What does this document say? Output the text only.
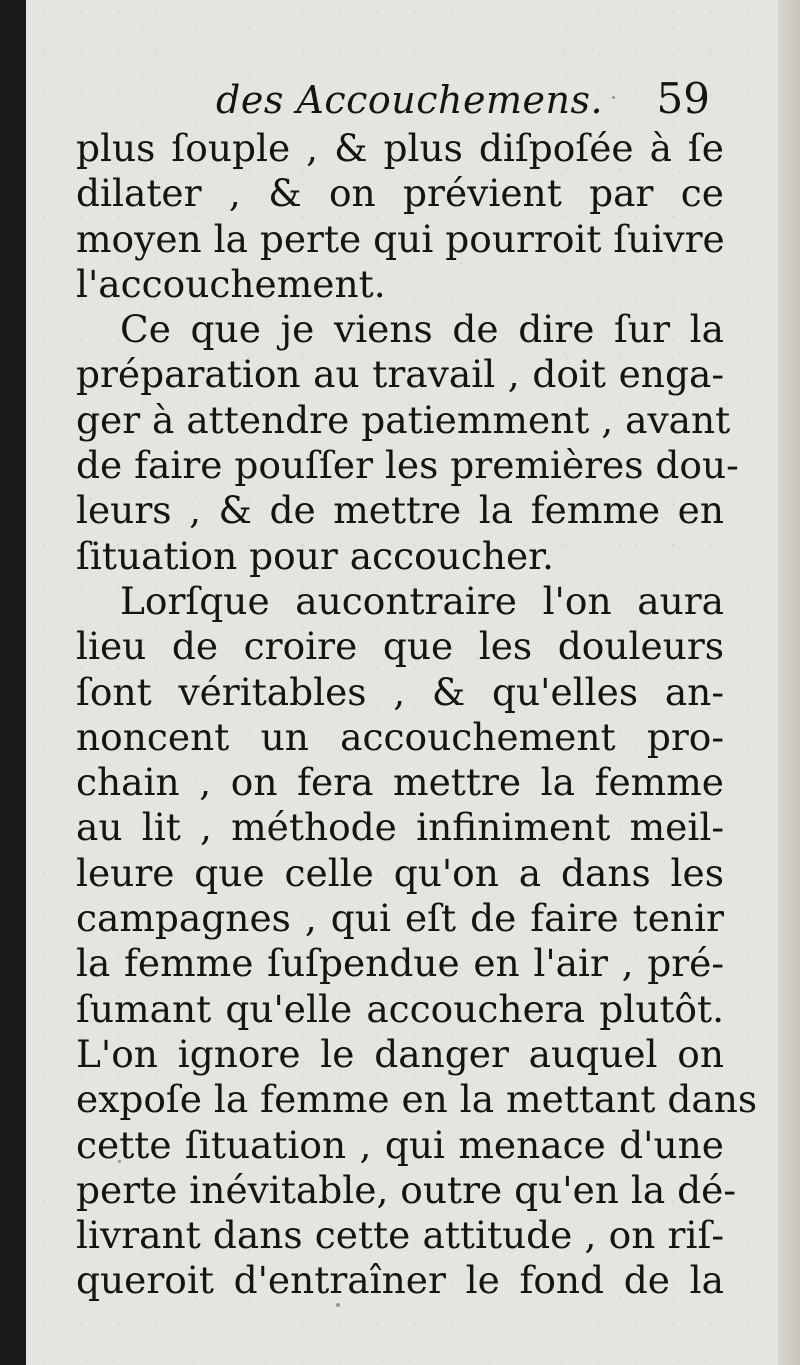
des Accouchemens. 59
plus ſouple , & plus diſpoſée à ſe
dilater , & on prévient par ce
moyen la perte qui pourroit ſuivre
l'accouchement.
Ce que je viens de dire ſur la
préparation au travail , doit enga-
ger à attendre patiemment , avant
de faire pouſſer les premières dou-
leurs , & de mettre la femme en
ſituation pour accoucher.
Lorſque aucontraire l'on aura
lieu de croire que les douleurs
ſont véritables , & qu'elles an-
noncent un accouchement pro-
chain , on fera mettre la femme
au lit , méthode infiniment meil-
leure que celle qu'on a dans les
campagnes , qui eſt de faire tenir
la femme ſuſpendue en l'air , pré-
ſumant qu'elle accouchera plutôt.
L'on ignore le danger auquel on
expoſe la femme en la mettant dans
cette ſituation , qui menace d'une
perte inévitable, outre qu'en la dé-
livrant dans cette attitude , on riſ-
queroit d'entraîner le fond de la
